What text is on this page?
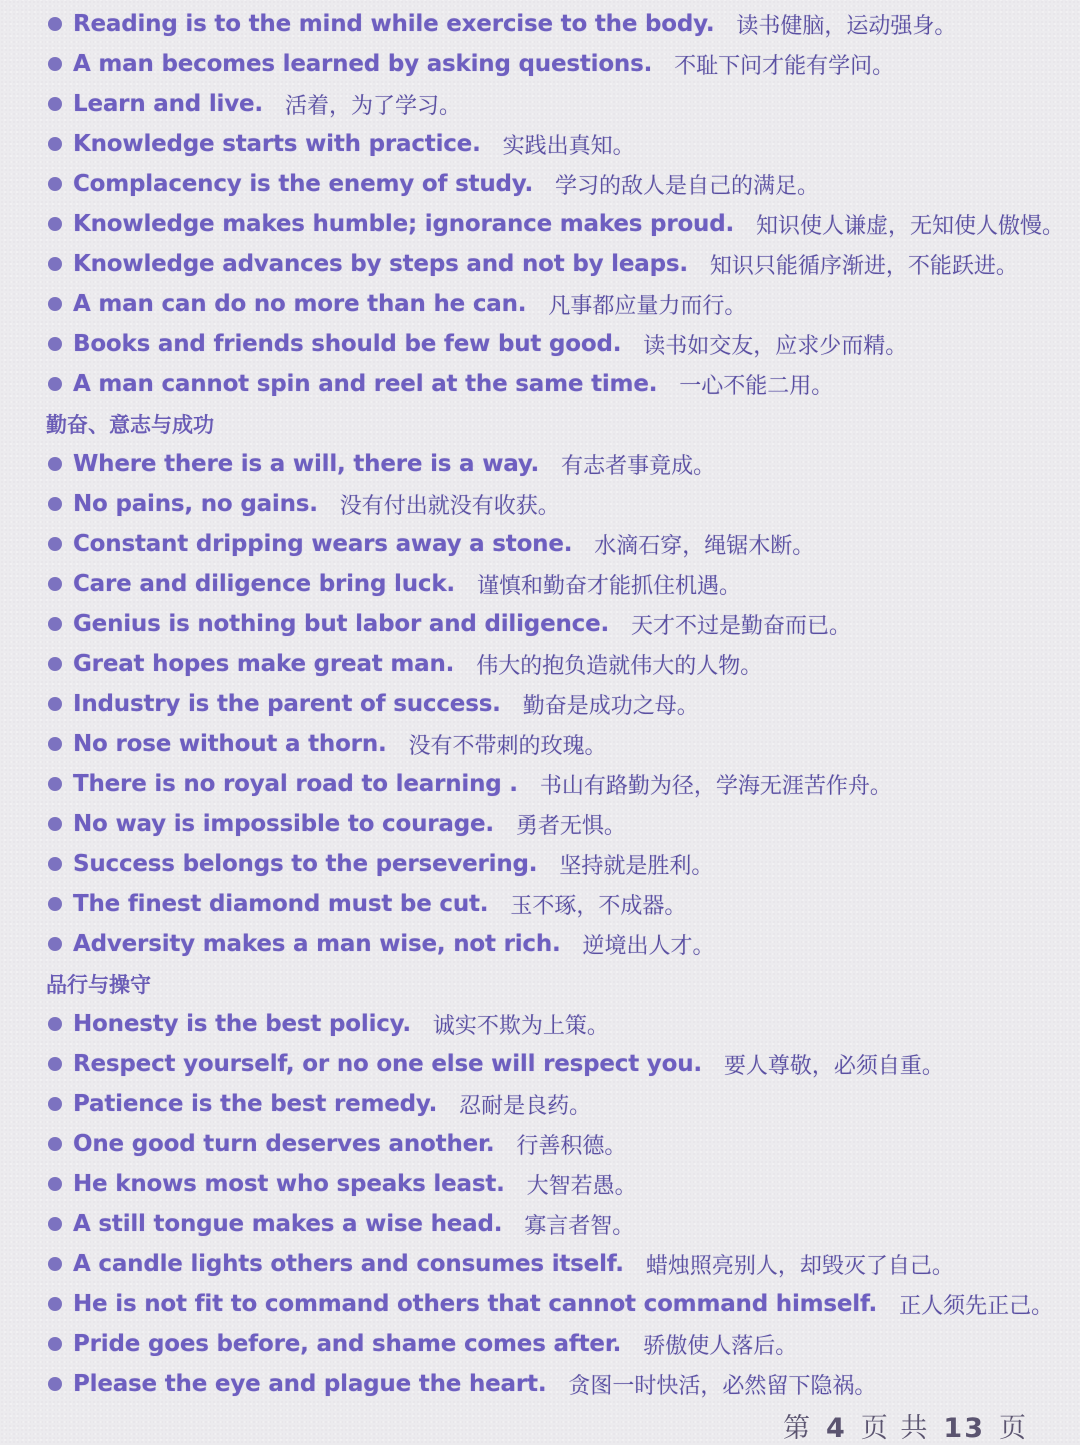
Reading is to the mind while exercise to the body. 读书健脑，运动强身。
A man becomes learned by asking questions. 不耻下问才能有学问。
Learn and live. 活着，为了学习。
Knowledge starts with practice. 实践出真知。
Complacency is the enemy of study. 学习的敌人是自己的满足。
Knowledge makes humble; ignorance makes proud. 知识使人谦虚，无知使人傲慢。
Knowledge advances by steps and not by leaps. 知识只能循序渐进，不能跃进。
A man can do no more than he can. 凡事都应量力而行。
Books and friends should be few but good. 读书如交友，应求少而精。
A man cannot spin and reel at the same time. 一心不能二用。
勤奋、意志与成功
Where there is a will, there is a way. 有志者事竟成。
No pains, no gains. 没有付出就没有收获。
Constant dripping wears away a stone. 水滴石穿，绳锯木断。
Care and diligence bring luck. 谨慎和勤奋才能抓住机遇。
Genius is nothing but labor and diligence. 天才不过是勤奋而已。
Great hopes make great man. 伟大的抱负造就伟大的人物。
Industry is the parent of success. 勤奋是成功之母。
No rose without a thorn. 没有不带刺的玫瑰。
There is no royal road to learning . 书山有路勤为径，学海无涯苦作舟。
No way is impossible to courage. 勇者无惧。
Success belongs to the persevering. 坚持就是胜利。
The finest diamond must be cut. 玉不琢，不成器。
Adversity makes a man wise, not rich. 逆境出人才。
品行与操守
Honesty is the best policy. 诚实不欺为上策。
Respect yourself, or no one else will respect you. 要人尊敬，必须自重。
Patience is the best remedy. 忍耐是良药。
One good turn deserves another. 行善积德。
He knows most who speaks least. 大智若愚。
A still tongue makes a wise head. 寡言者智。
A candle lights others and consumes itself. 蜡烛照亮别人，却毁灭了自己。
He is not fit to command others that cannot command himself. 正人须先正己。
Pride goes before, and shame comes after. 骄傲使人落后。
Please the eye and plague the heart. 贪图一时快活，必然留下隐祸。
第 4 页 共 13 页
